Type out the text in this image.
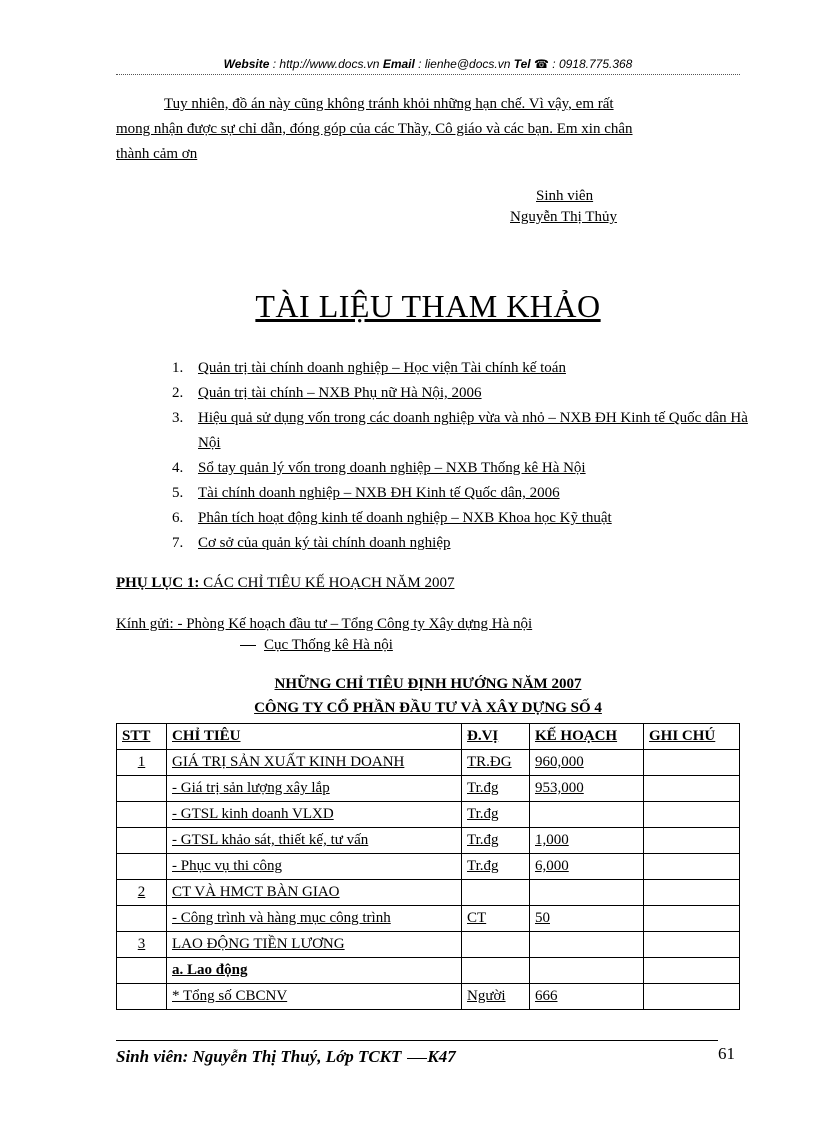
Website : http://www.docs.vn Email : lienhe@docs.vn Tel ☎ : 0918.775.368
Tuy nhiên, đồ án này cũng không tránh khỏi những hạn chế. Vì vậy, em rất
mong nhận được sự chỉ dẫn, đóng góp của các Thầy, Cô giáo và các bạn. Em xin chân
thành cảm ơn
Sinh viên
Nguyễn Thị Thủy
TÀI LIỆU THAM KHẢO
1. Quản trị tài chính doanh nghiệp – Học viện Tài chính kế toán
2. Quản trị tài chính – NXB Phụ nữ Hà Nội, 2006
3. Hiệu quả sử dụng vốn trong các doanh nghiệp vừa và nhỏ – NXB ĐH Kinh tế Quốc dân Hà Nội
4. Sổ tay quản lý vốn trong doanh nghiệp – NXB Thống kê Hà Nội
5. Tài chính doanh nghiệp – NXB ĐH Kinh tế Quốc dân, 2006
6. Phân tích hoạt động kinh tế doanh nghiệp – NXB Khoa học Kỹ thuật
7. Cơ sở của quản ký tài chính doanh nghiệp
PHỤ LỤC 1: CÁC CHỈ TIÊU KẾ HOẠCH NĂM 2007
Kính gửi: - Phòng Kế hoạch đầu tư – Tổng Công ty Xây dựng Hà nội
Cục Thống kê Hà nội
NHỮNG CHỈ TIÊU ĐỊNH HƯỚNG NĂM 2007
CÔNG TY CỔ PHẦN ĐẦU TƯ VÀ XÂY DỰNG SỐ 4
STT	CHỈ TIÊU	Đ.VỊ	KẾ HOẠCH	GHI CHÚ
1	GIÁ TRỊ SẢN XUẤT KINH DOANH	TR.ĐG	960,000	
	- Giá trị sản lượng xây lắp	Tr.đg	953,000	
	- GTSL kinh doanh VLXD	Tr.đg		
	- GTSL khảo sát, thiết kế, tư vấn	Tr.đg	1,000	
	- Phục vụ thi công	Tr.đg	6,000	
2	CT VÀ HMCT BÀN GIAO			
	- Công trình và hàng mục công trình	CT	50	
3	LAO ĐỘNG TIỀN LƯƠNG			
	a. Lao động			
	* Tổng số CBCNV	Người	666	
Sinh viên: Nguyễn Thị Thuý, Lớp TCKT K47	61
